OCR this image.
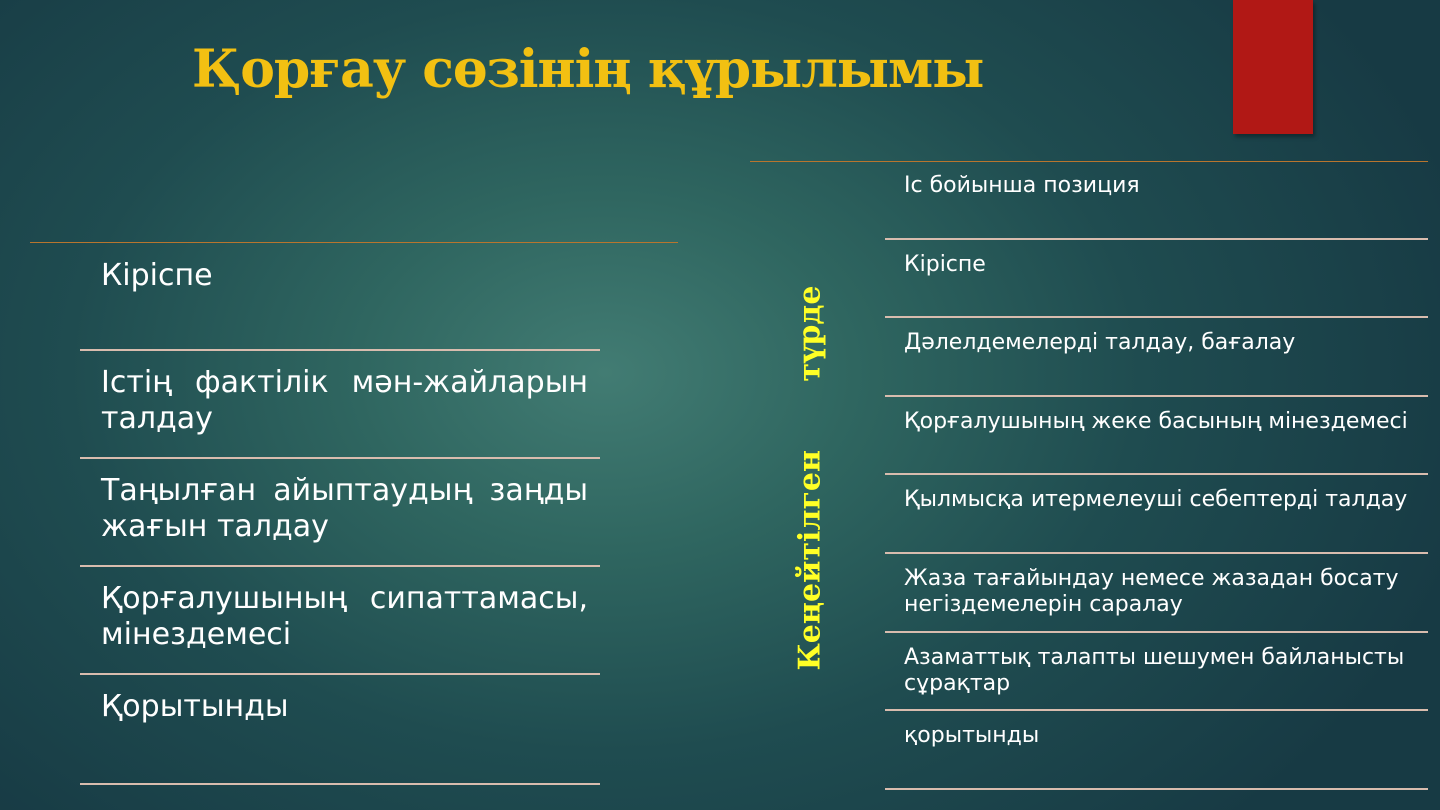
Қорғау сөзінің құрылымы
Кіріспе
Істің фактілік мән-жайларын талдау
Таңылған айыптаудың заңды жағын талдау
Қорғалушының сипаттамасы, мінездемесі
Қорытынды
Кеңейтілген түрде
Іс бойынша позиция
Кіріспе
Дәлелдемелерді талдау, бағалау
Қорғалушының жеке басының мінездемесі
Қылмысқа итермелеуші себептерді талдау
Жаза тағайындау немесе жазадан босату негіздемелерін саралау
Азаматтық талапты шешумен байланысты сұрақтар
қорытынды
